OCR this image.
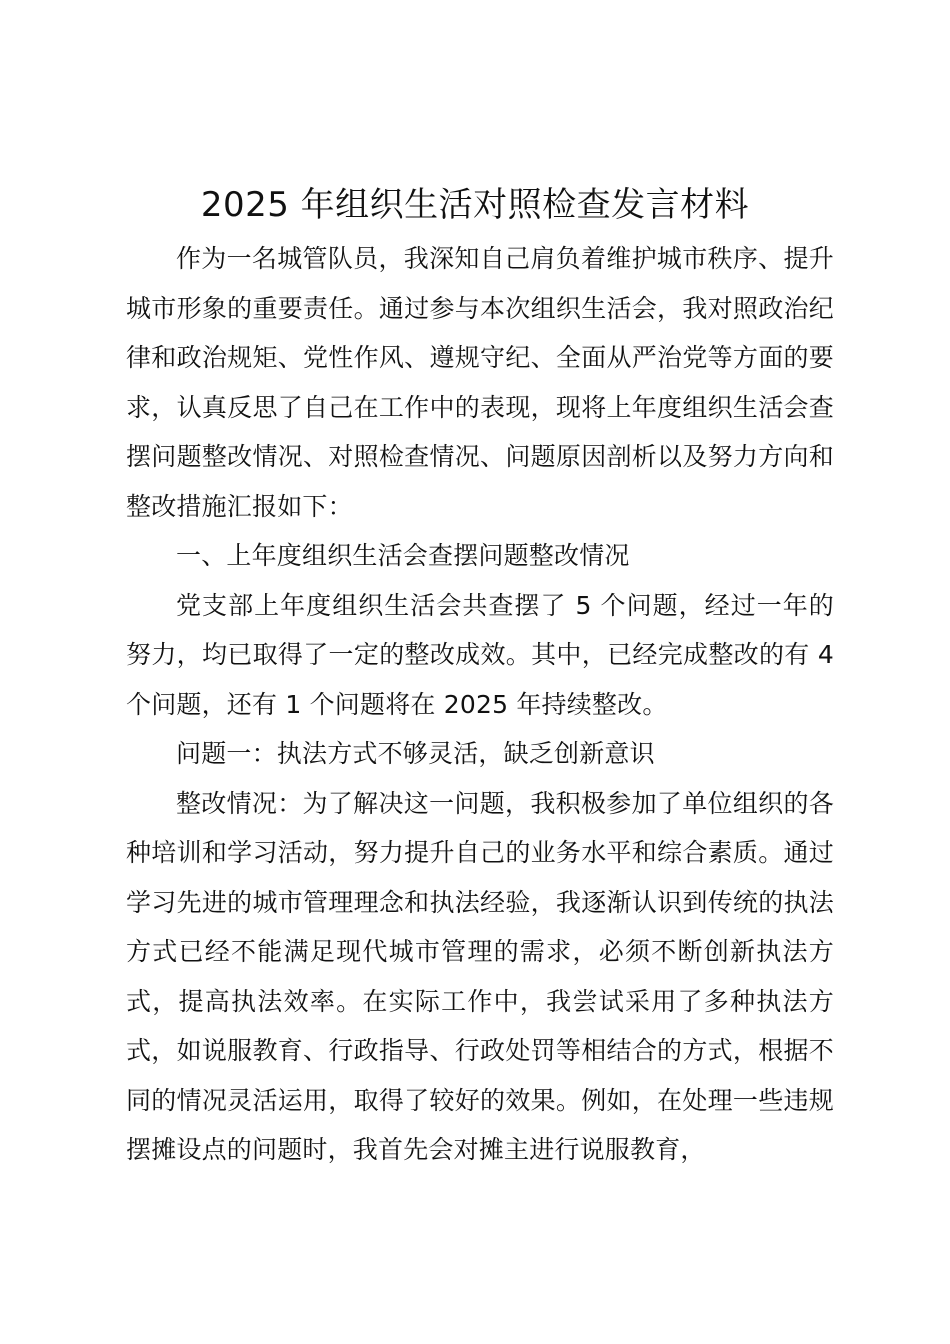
2025 年组织生活对照检查发言材料

作为一名城管队员，我深知自己肩负着维护城市秩序、提升城市形象的重要责任。通过参与本次组织生活会，我对照政治纪律和政治规矩、党性作风、遵规守纪、全面从严治党等方面的要求，认真反思了自己在工作中的表现，现将上年度组织生活会查摆问题整改情况、对照检查情况、问题原因剖析以及努力方向和整改措施汇报如下：

一、上年度组织生活会查摆问题整改情况

党支部上年度组织生活会共查摆了 5 个问题，经过一年的努力，均已取得了一定的整改成效。其中，已经完成整改的有 4 个问题，还有 1 个问题将在 2025 年持续整改。

问题一：执法方式不够灵活，缺乏创新意识

整改情况：为了解决这一问题，我积极参加了单位组织的各种培训和学习活动，努力提升自己的业务水平和综合素质。通过学习先进的城市管理理念和执法经验，我逐渐认识到传统的执法方式已经不能满足现代城市管理的需求，必须不断创新执法方式，提高执法效率。在实际工作中，我尝试采用了多种执法方式，如说服教育、行政指导、行政处罚等相结合的方式，根据不同的情况灵活运用，取得了较好的效果。例如，在处理一些违规摆摊设点的问题时，我首先会对摊主进行说服教育，
